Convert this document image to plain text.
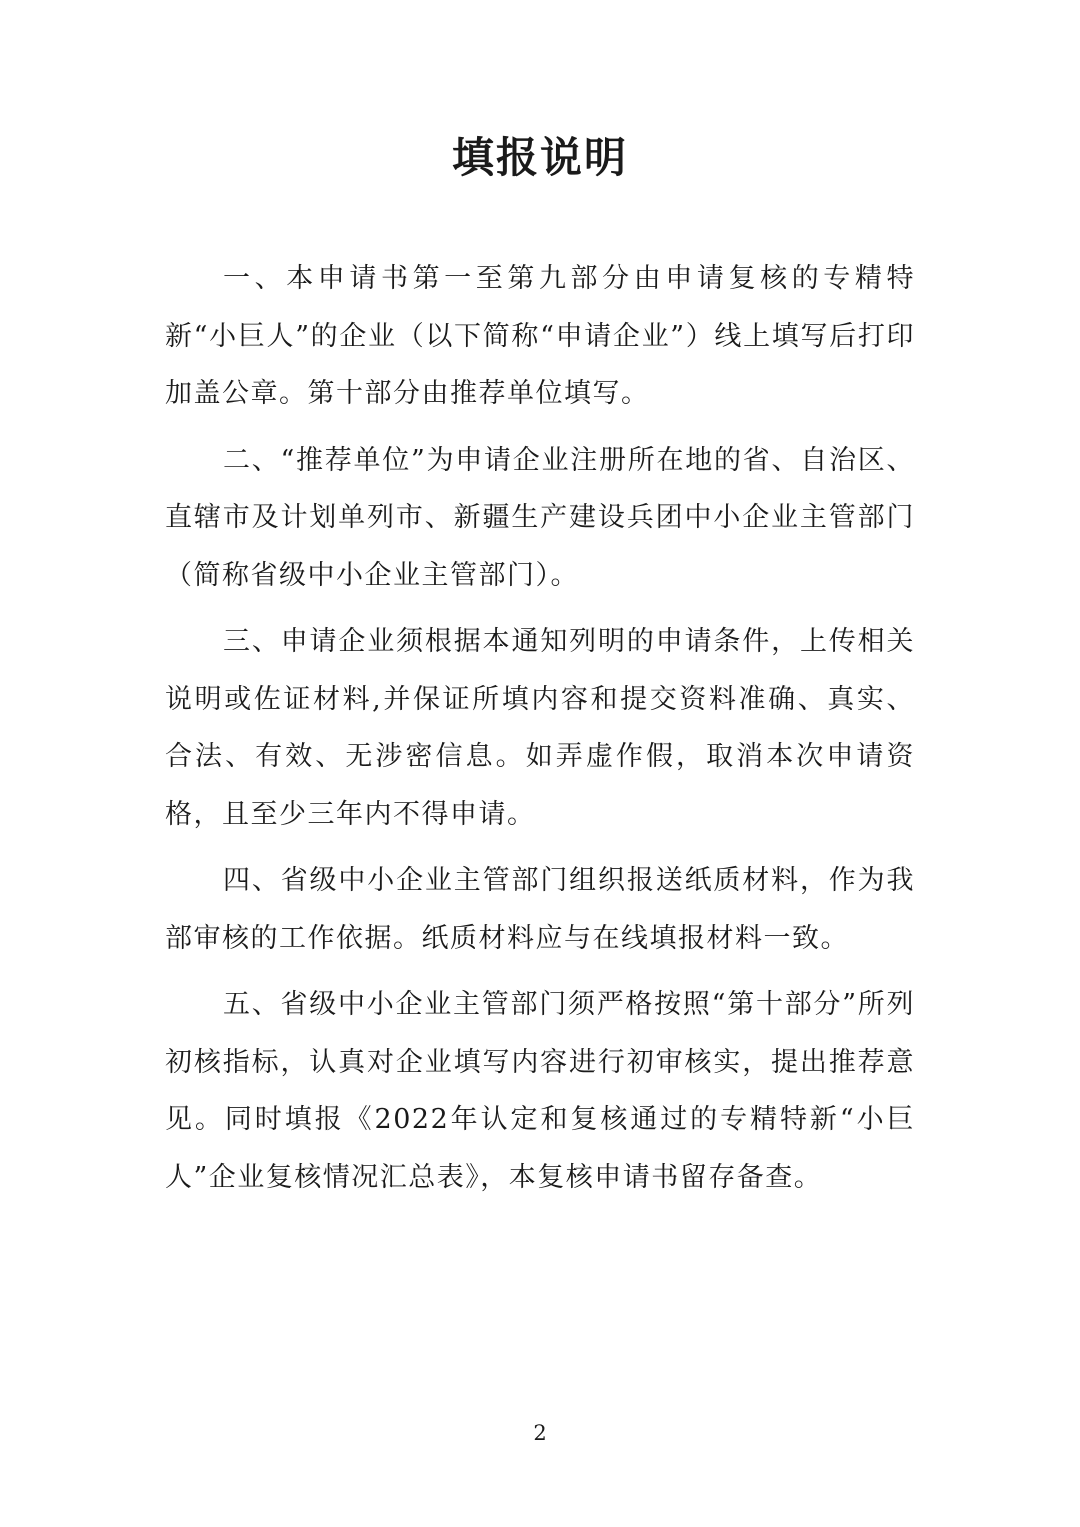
填报说明

一、本申请书第一至第九部分由申请复核的专精特新“小巨人”的企业（以下简称“申请企业”）线上填写后打印加盖公章。第十部分由推荐单位填写。

二、“推荐单位”为申请企业注册所在地的省、自治区、直辖市及计划单列市、新疆生产建设兵团中小企业主管部门（简称省级中小企业主管部门）。

三、申请企业须根据本通知列明的申请条件，上传相关说明或佐证材料,并保证所填内容和提交资料准确、真实、合法、有效、无涉密信息。如弄虚作假，取消本次申请资格，且至少三年内不得申请。

四、省级中小企业主管部门组织报送纸质材料，作为我部审核的工作依据。纸质材料应与在线填报材料一致。

五、省级中小企业主管部门须严格按照“第十部分”所列初核指标，认真对企业填写内容进行初审核实，提出推荐意见。同时填报《2022年认定和复核通过的专精特新“小巨人”企业复核情况汇总表》，本复核申请书留存备查。

2
